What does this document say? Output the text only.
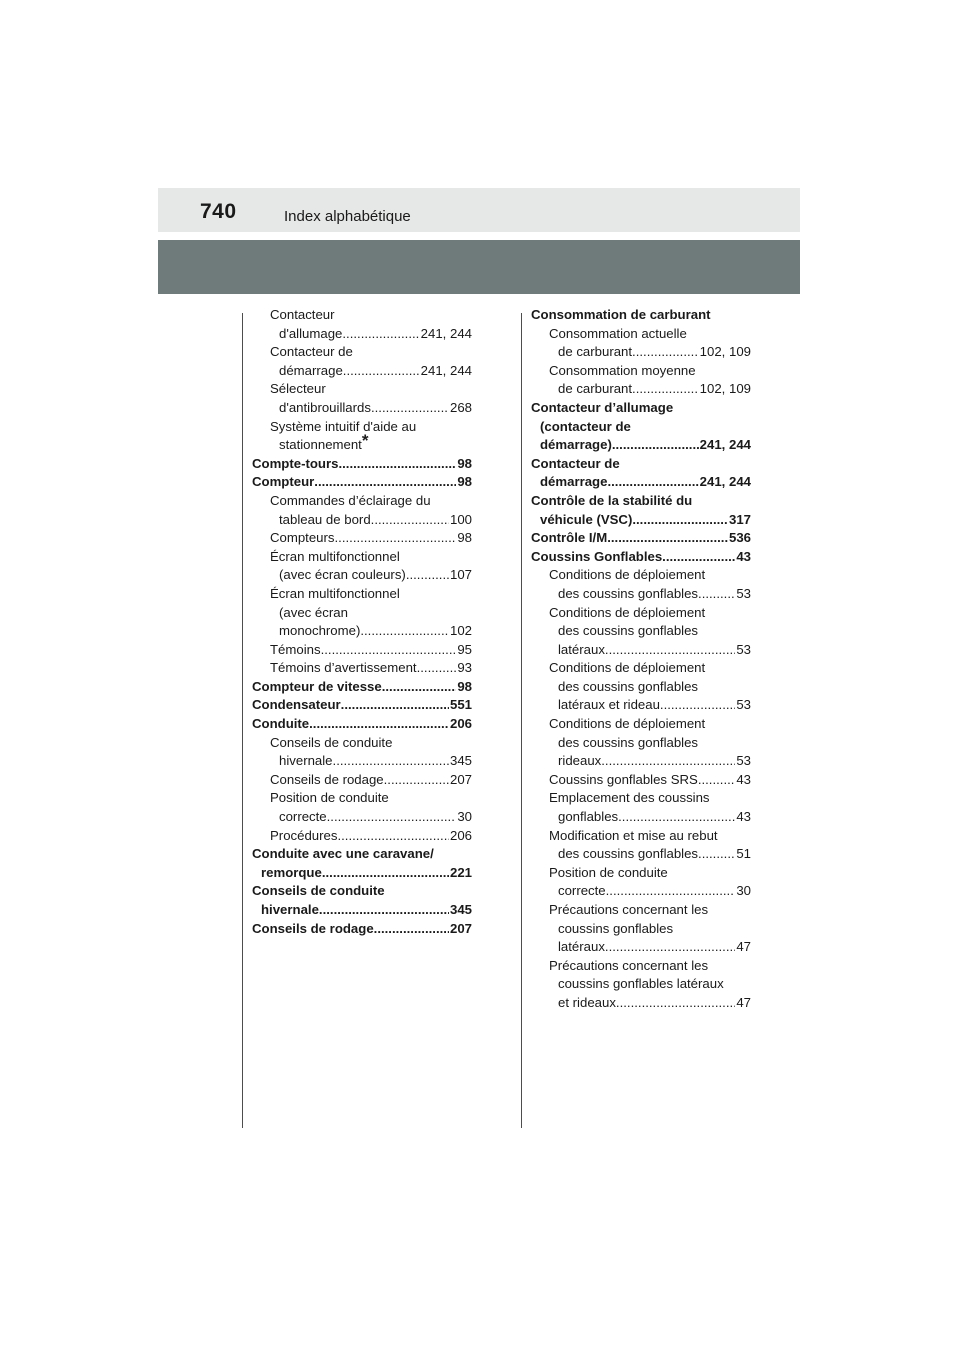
740	Index alphabétique
Contacteur
d'allumage .....	241, 244
Contacteur de
démarrage .....	241, 244
Sélecteur
d'antibrouillards .....	268
Système intuitif d'aide au
stationnement*
Compte-tours .....	98
Compteur .....	98
Commandes d’éclairage du
tableau de bord .....	100
Compteurs .....	98
Écran multifonctionnel
(avec écran couleurs) .....	107
Écran multifonctionnel
(avec écran
monochrome) .....	102
Témoins .....	95
Témoins d’avertissement .....	93
Compteur de vitesse .....	98
Condensateur .....	551
Conduite .....	206
Conseils de conduite
hivernale .....	345
Conseils de rodage .....	207
Position de conduite
correcte .....	30
Procédures .....	206
Conduite avec une caravane/
remorque .....	221
Conseils de conduite
hivernale .....	345
Conseils de rodage .....	207
Consommation de carburant
Consommation actuelle
de carburant .....	102, 109
Consommation moyenne
de carburant .....	102, 109
Contacteur d’allumage
(contacteur de
démarrage) .....	241, 244
Contacteur de
démarrage .....	241, 244
Contrôle de la stabilité du
véhicule (VSC) .....	317
Contrôle I/M .....	536
Coussins Gonflables .....	43
Conditions de déploiement
des coussins gonflables .....	53
Conditions de déploiement
des coussins gonflables
latéraux .....	53
Conditions de déploiement
des coussins gonflables
latéraux et rideau .....	53
Conditions de déploiement
des coussins gonflables
rideaux .....	53
Coussins gonflables SRS .....	43
Emplacement des coussins
gonflables .....	43
Modification et mise au rebut
des coussins gonflables .....	51
Position de conduite
correcte .....	30
Précautions concernant les
coussins gonflables
latéraux .....	47
Précautions concernant les
coussins gonflables latéraux
et rideaux .....	47
